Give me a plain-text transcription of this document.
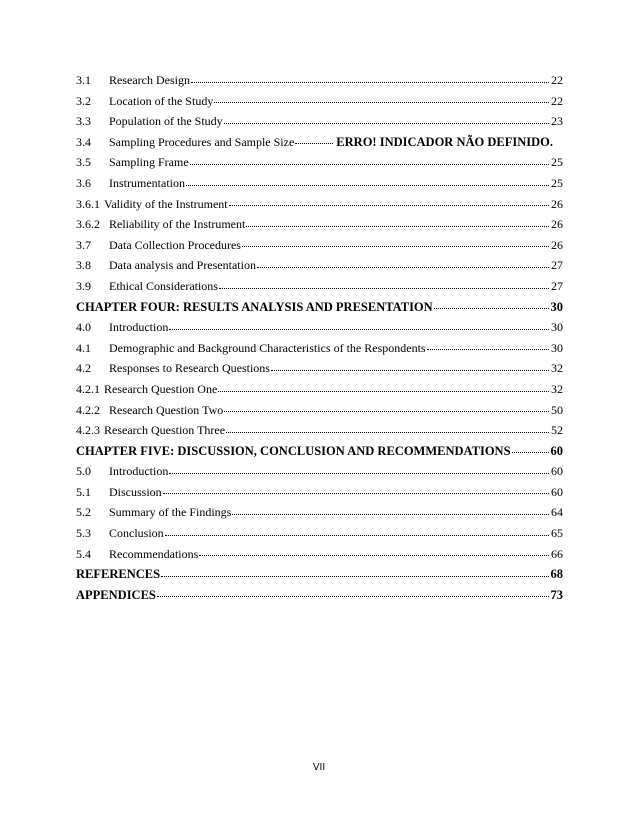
3.1	Research Design	22
3.2	Location of the Study	22
3.3	Population of the Study	23
3.4	Sampling Procedures and Sample Size	ERRO! INDICADOR NÃO DEFINIDO.
3.5	Sampling Frame	25
3.6	Instrumentation	25
3.6.1 Validity of the Instrument	26
3.6.2 Reliability of the Instrument	26
3.7	Data Collection Procedures	26
3.8	Data analysis and Presentation	27
3.9	Ethical Considerations	27
CHAPTER FOUR: RESULTS ANALYSIS AND PRESENTATION	30
4.0	Introduction	30
4.1	Demographic and Background Characteristics of the Respondents	30
4.2	Responses to Research Questions	32
4.2.1 Research Question One	32
4.2.2 Research Question Two	50
4.2.3 Research Question Three	52
CHAPTER FIVE: DISCUSSION, CONCLUSION AND RECOMMENDATIONS	60
5.0	Introduction	60
5.1	Discussion	60
5.2	Summary of the Findings	64
5.3	Conclusion	65
5.4	Recommendations	66
REFERENCES	68
APPENDICES	73
VII
